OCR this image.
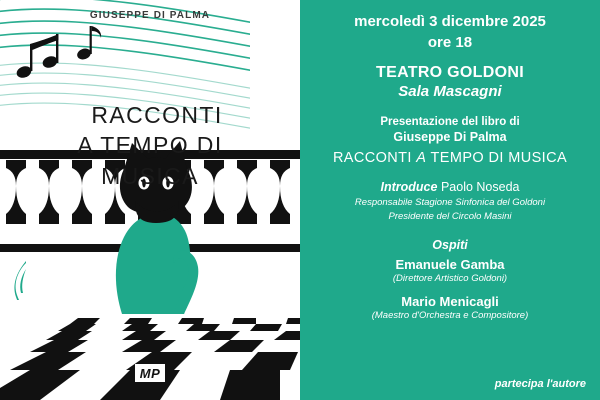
GIUSEPPE DI PALMA
RACCONTI
A TEMPO DI
MUSICA
MP

mercoledì 3 dicembre 2025

ore 18

TEATRO GOLDONI

Sala Mascagni

Presentazione del libro di

Giuseppe Di Palma

RACCONTI A TEMPO DI MUSICA

Introduce Paolo Noseda

Responsabile Stagione Sinfonica del Goldoni

Presidente del Circolo Masini

Ospiti

Emanuele Gamba

(Direttore Artistico Goldoni)

Mario Menicagli

(Maestro d'Orchestra e Compositore)

partecipa l'autore
